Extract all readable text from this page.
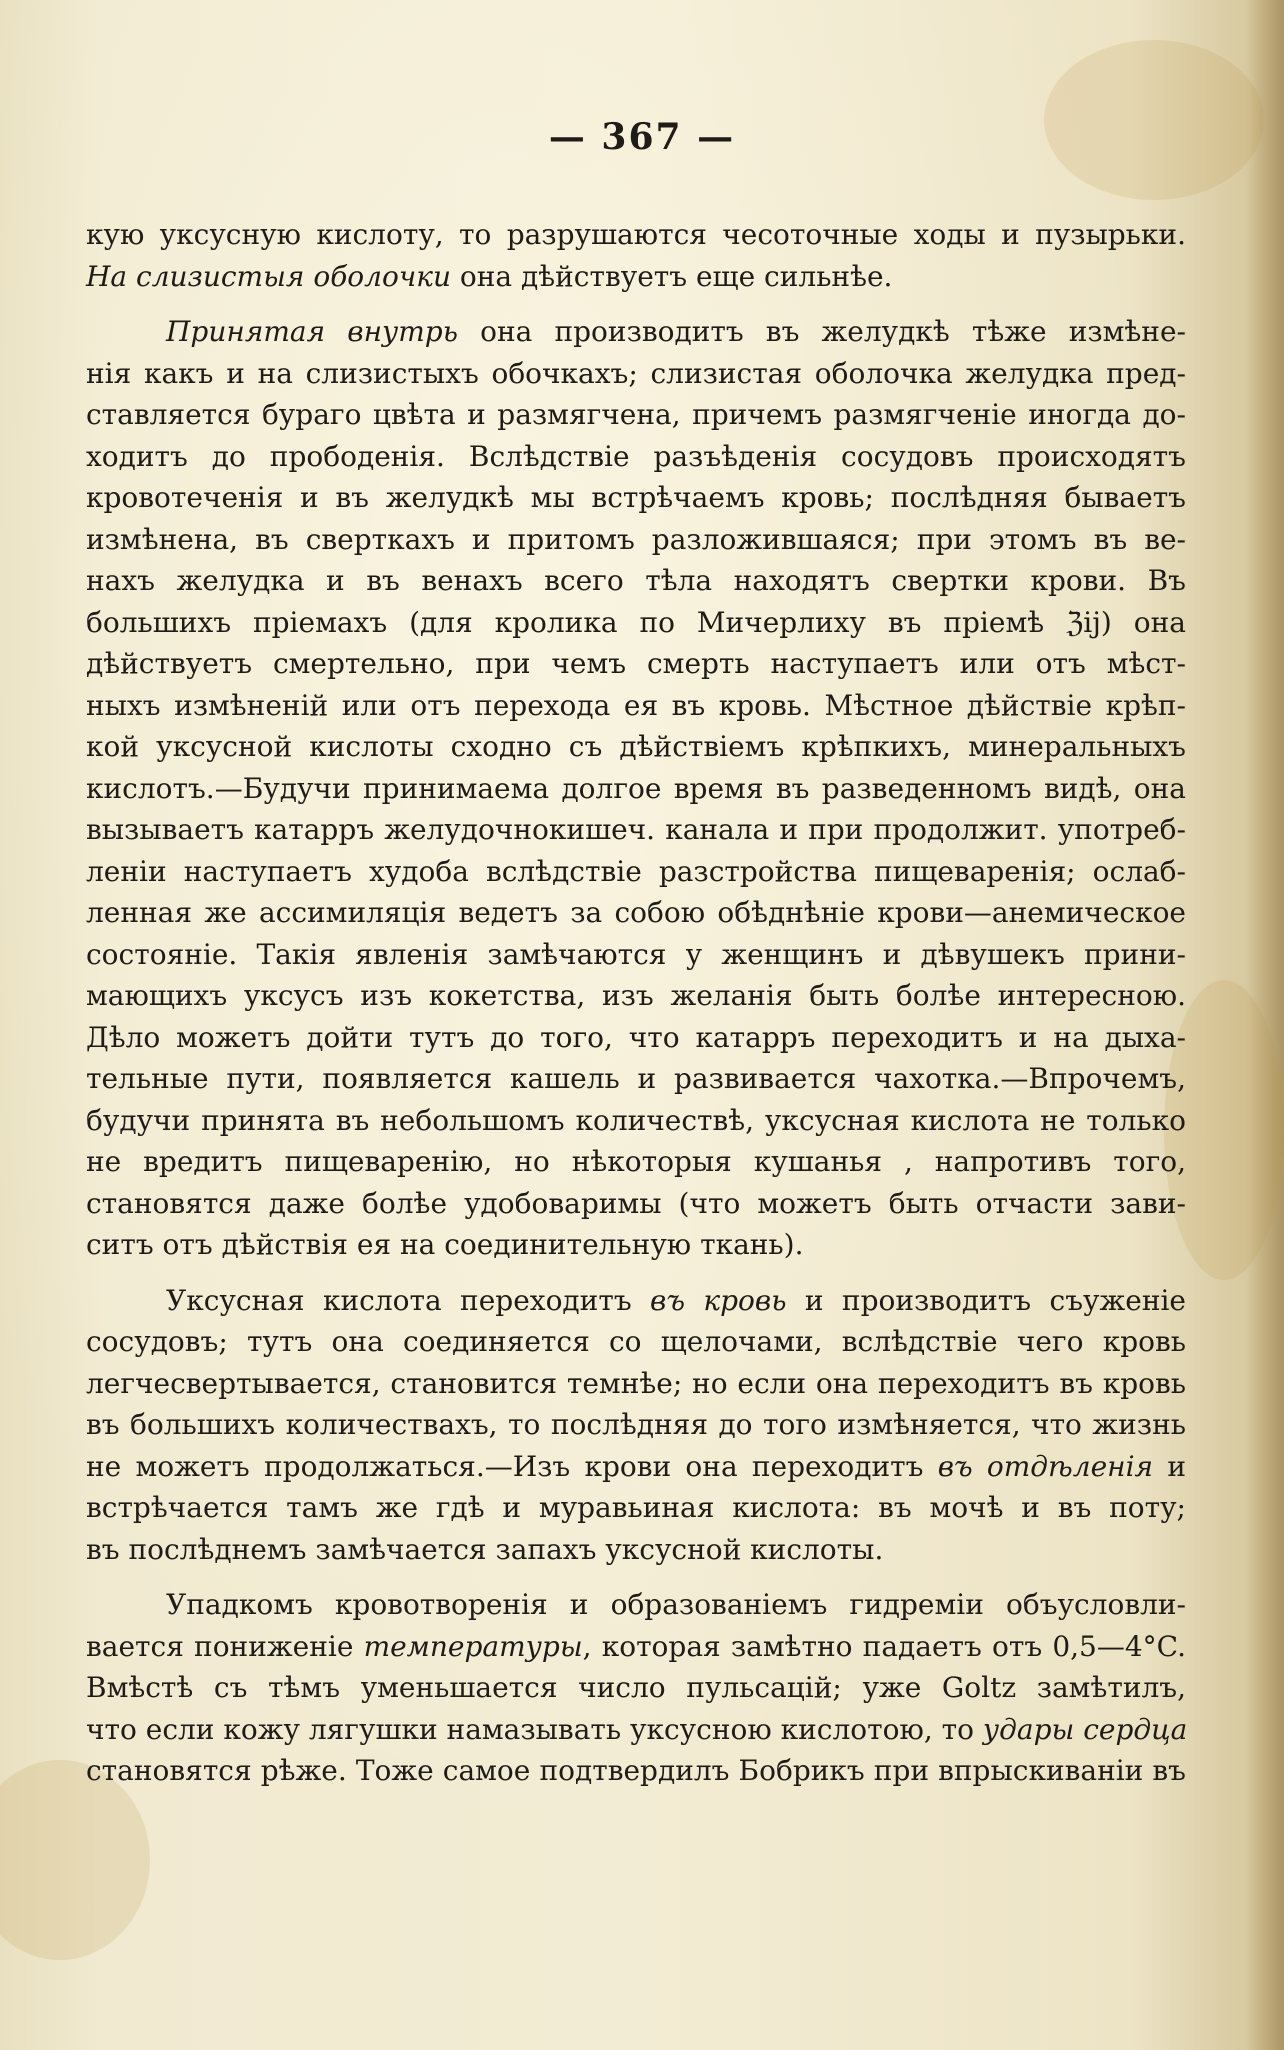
— 367 —
кую уксусную кислоту, то разрушаются чесоточные ходы и пузырьки.
На слизистыя оболочки она дѣйствуетъ еще сильнѣе.
Принятая внутрь она производитъ въ желудкѣ тѣже измѣне-
нія какъ и на слизистыхъ обочкахъ; слизистая оболочка желудка пред-
ставляется бураго цвѣта и размягчена, причемъ размягченіе иногда до-
ходитъ до прободенія. Вслѣдствіе разъѣденія сосудовъ происходятъ
кровотеченія и въ желудкѣ мы встрѣчаемъ кровь; послѣдняя бываетъ
измѣнена, въ сверткахъ и притомъ разложившаяся; при этомъ въ ве-
нахъ желудка и въ венахъ всего тѣла находятъ свертки крови. Въ
большихъ пріемахъ (для кролика по Мичерлиху въ пріемѣ ℨij) она
дѣйствуетъ смертельно, при чемъ смерть наступаетъ или отъ мѣст-
ныхъ измѣненій или отъ перехода ея въ кровь. Мѣстное дѣйствіе крѣп-
кой уксусной кислоты сходно съ дѣйствіемъ крѣпкихъ, минеральныхъ
кислотъ.—Будучи принимаема долгое время въ разведенномъ видѣ, она
вызываетъ катарръ желудочнокишеч. канала и при продолжит. употреб-
леніи наступаетъ худоба вслѣдствіе разстройства пищеваренія; ослаб-
ленная же ассимиляція ведетъ за собою обѣднѣніе крови—анемическое
состояніе. Такія явленія замѣчаются у женщинъ и дѣвушекъ прини-
мающихъ уксусъ изъ кокетства, изъ желанія быть болѣе интересною.
Дѣло можетъ дойти тутъ до того, что катарръ переходитъ и на дыха-
тельные пути, появляется кашель и развивается чахотка.—Впрочемъ,
будучи принята въ небольшомъ количествѣ, уксусная кислота не только
не вредитъ пищеваренію, но нѣкоторыя кушанья , напротивъ того,
становятся даже болѣе удобоваримы (что можетъ быть отчасти зави-
ситъ отъ дѣйствія ея на соединительную ткань).
Уксусная кислота переходитъ въ кровь и производитъ съуженіе
сосудовъ; тутъ она соединяется со щелочами, вслѣдствіе чего кровь
легчесвертывается, становится темнѣе; но если она переходитъ въ кровь
въ большихъ количествахъ, то послѣдняя до того измѣняется, что жизнь
не можетъ продолжаться.—Изъ крови она переходитъ въ отдѣленія и
встрѣчается тамъ же гдѣ и муравьиная кислота: въ мочѣ и въ поту;
въ послѣднемъ замѣчается запахъ уксусной кислоты.
Упадкомъ кровотворенія и образованіемъ гидреміи объусловли-
вается пониженіе температуры, которая замѣтно падаетъ отъ 0,5—4°C.
Вмѣстѣ съ тѣмъ уменьшается число пульсацій; уже Goltz замѣтилъ,
что если кожу лягушки намазывать уксусною кислотою, то удары сердца
становятся рѣже. Тоже самое подтвердилъ Бобрикъ при впрыскиваніи въ
